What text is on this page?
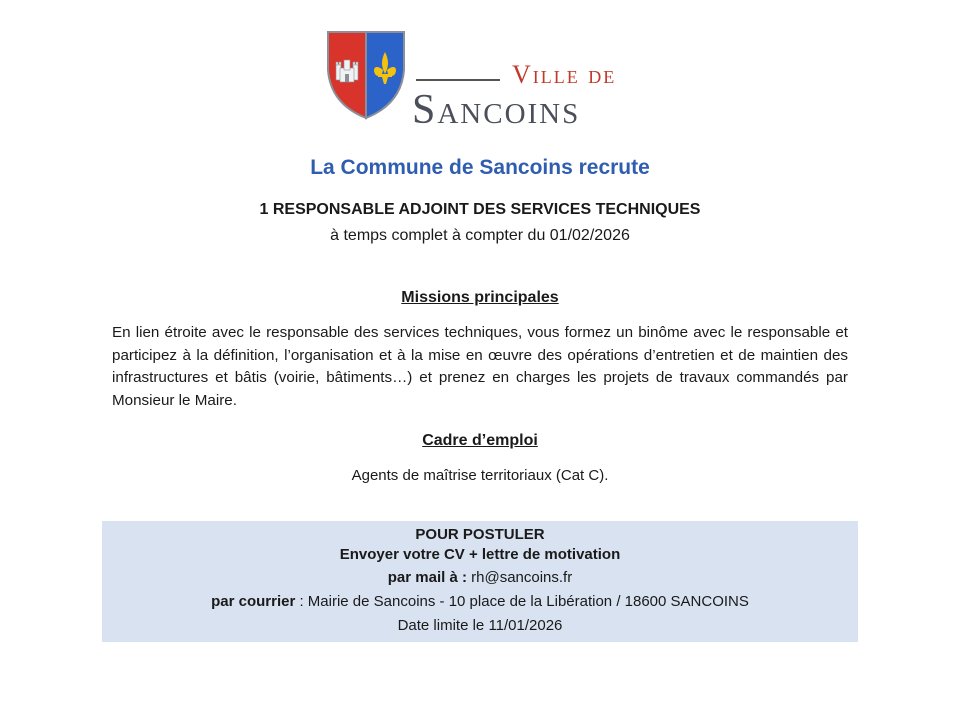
Ville de
Sancoins
La Commune de Sancoins recrute
1 RESPONSABLE ADJOINT DES SERVICES TECHNIQUES
à temps complet à compter du 01/02/2026
Missions principales
En lien étroite avec le responsable des services techniques, vous formez un binôme avec le responsable et participez à la définition, l’organisation et à la mise en œuvre des opérations d’entretien et de maintien des infrastructures et bâtis (voirie, bâtiments…) et prenez en charges les projets de travaux commandés par Monsieur le Maire.
Cadre d’emploi
Agents de maîtrise territoriaux (Cat C).
POUR POSTULER
Envoyer votre CV + lettre de motivation
par mail à : rh@sancoins.fr
par courrier : Mairie de Sancoins - 10 place de la Libération / 18600 SANCOINS
Date limite le 11/01/2026
